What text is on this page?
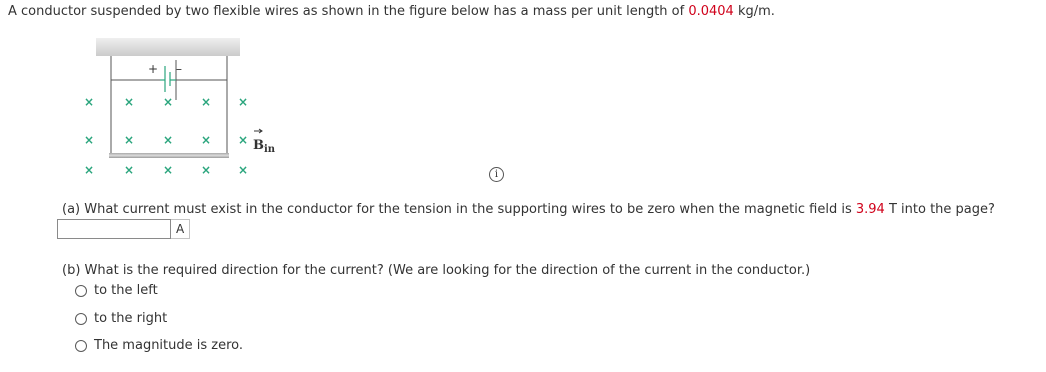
A conductor suspended by two flexible wires as shown in the figure below has a mass per unit length of 0.0404 kg/m.
+ –
× × × × ×
× × × × ×
× × × × ×
$B_{in}$
i
(a) What current must exist in the conductor for the tension in the supporting wires to be zero when the magnetic field is 3.94 T into the page?
A
(b) What is the required direction for the current? (We are looking for the direction of the current in the conductor.)
to the left
to the right
The magnitude is zero.
